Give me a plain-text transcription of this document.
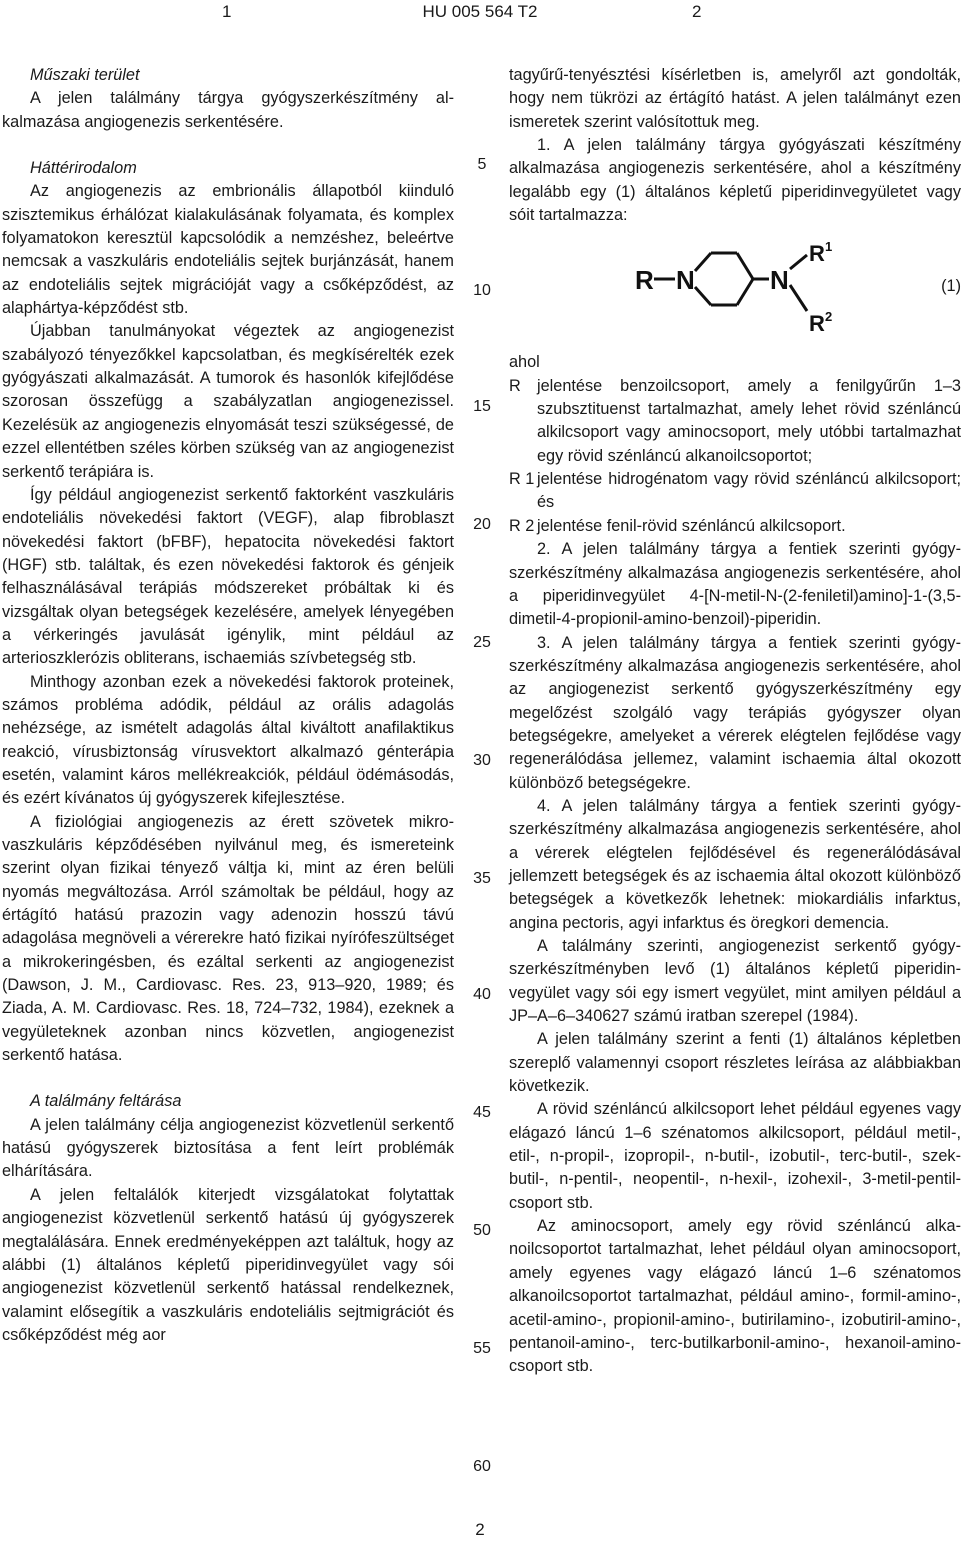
1	HU 005 564 T2	2

Műszaki terület

A jelen találmány tárgya gyógyszerkészítmény alkalmazása angiogenezis serkentésére.

Háttérirodalom

Az angiogenezis az embrionális állapotból kiinduló szisztemikus érhálózat kialakulásának folyamata, és komplex folyamatokon keresztül kapcsolódik a nemzéshez, beleértve nemcsak a vaszkuláris endoteliális sejtek burjánzását, hanem az endoteliális sejtek migrációját vagy a csőképződést, az alaphártya-képződést stb.

Újabban tanulmányokat végeztek az angiogenezist szabályozó tényezőkkel kapcsolatban, és megkísérelték ezek gyógyászati alkalmazását. A tumorok és hasonlók kifejlődése szorosan összefügg a szabályzatlan angiogenezissel. Kezelésük az angiogenezis elnyomását teszi szükségessé, de ezzel ellentétben széles körben szükség van az angiogenezist serkentő terápiára is.

Így például angiogenezist serkentő faktorként vaszkuláris endoteliális növekedési faktort (VEGF), alap fibroblaszt növekedési faktort (bFBF), hepatocita növekedési faktort (HGF) stb. találtak, és ezen növekedési faktorok és génjeik felhasználásával terápiás módszereket próbáltak ki és vizsgáltak olyan betegségek kezelésére, amelyek lényegében a vérkeringés javulását igénylik, mint például az arterioszklerózis obliterans, ischaemiás szívbetegség stb.

Minthogy azonban ezek a növekedési faktorok proteinek, számos probléma adódik, például az orális adagolás nehézsége, az ismételt adagolás által kiváltott anafilaktikus reakció, vírusbiztonság vírusvektort alkalmazó génterápia esetén, valamint káros mellékreakciók, például ödémásodás, és ezért kívánatos új gyógyszerek kifejlesztése.

A fiziológiai angiogenezis az érett szövetek mikrovaszkuláris képződésében nyilvánul meg, és ismereteink szerint olyan fizikai tényező váltja ki, mint az éren belüli nyomás megváltozása. Arról számoltak be például, hogy az értágító hatású prazozin vagy adenozin hosszú távú adagolása megnöveli a vérerekre ható fizikai nyírófeszültséget a mikrokeringésben, és ezáltal serkenti az angiogenezist (Dawson, J. M., Cardiovasc. Res. 23, 913–920, 1989; és Ziada, A. M. Cardiovasc. Res. 18, 724–732, 1984), ezeknek a vegyületeknek azonban nincs közvetlen, angiogenezist serkentő hatása.

A találmány feltárása

A jelen találmány célja angiogenezist közvetlenül serkentő hatású gyógyszerek biztosítása a fent leírt problémák elhárítására.

A jelen feltalálók kiterjedt vizsgálatokat folytattak angiogenezist közvetlenül serkentő hatású új gyógyszerek megtalálására. Ennek eredményeképpen azt találtuk, hogy az alábbi (1) általános képletű piperidinvegyület vagy sói angiogenezist közvetlenül serkentő hatással rendelkeznek, valamint elősegítik a vaszkuláris endoteliális sejtmigrációt és csőképződést még aor

5
10
15
20
25
30
35
40
45
50
55
60

tagyűrű-tenyésztési kísérletben is, amelyről azt gondolták, hogy nem tükrözi az értágító hatást. A jelen találmányt ezen ismeretek szerint valósítottuk meg.

1. A jelen találmány tárgya gyógyászati készítmény alkalmazása angiogenezis serkentésére, ahol a készítmény legalább egy (1) általános képletű piperidinvegyületet vagy sóit tartalmazza:

R N	N
R 1
R 2
(1)

ahol

R jelentése benzoilcsoport, amely a fenilgyűrűn 1–3 szubsztituenst tartalmazhat, amely lehet rövid szénláncú alkilcsoport vagy aminocsoport, mely utóbbi tartalmazhat egy rövid szénláncú alkanoilcsoportot;
R 1 jelentése hidrogénatom vagy rövid szénláncú alkilcsoport; és
R 2 jelentése fenil-rövid szénláncú alkilcsoport.

2. A jelen találmány tárgya a fentiek szerinti gyógyszerkészítmény alkalmazása angiogenezis serkentésére, ahol a piperidinvegyület 4-[N-metil-N-(2-feniletil)amino]-1-(3,5-dimetil-4-propionil-amino-benzoil)-piperidin.

3. A jelen találmány tárgya a fentiek szerinti gyógyszerkészítmény alkalmazása angiogenezis serkentésére, ahol az angiogenezist serkentő gyógyszerkészítmény egy megelőzést szolgáló vagy terápiás gyógyszer olyan betegségekre, amelyeket a vérerek elégtelen fejlődése vagy regenerálódása jellemez, valamint ischaemia által okozott különböző betegségekre.

4. A jelen találmány tárgya a fentiek szerinti gyógyszerkészítmény alkalmazása angiogenezis serkentésére, ahol a vérerek elégtelen fejlődésével és regenerálódásával jellemzett betegségek és az ischaemia által okozott különböző betegségek a következők lehetnek: miokardiális infarktus, angina pectoris, agyi infarktus és öregkori demencia.

A találmány szerinti, angiogenezist serkentő gyógyszerkészítményben levő (1) általános képletű piperidinvegyület vagy sói egy ismert vegyület, mint amilyen például a JP–A–6–340627 számú iratban szerepel (1984).

A jelen találmány szerint a fenti (1) általános képletben szereplő valamennyi csoport részletes leírása az alábbiakban következik.

A rövid szénláncú alkilcsoport lehet például egyenes vagy elágazó láncú 1–6 szénatomos alkilcsoport, például metil-, etil-, n-propil-, izopropil-, n-butil-, izobutil-, terc-butil-, szek-butil-, n-pentil-, neopentil-, n-hexil-, izohexil-, 3-metil-pentil-csoport stb.

Az aminocsoport, amely egy rövid szénláncú alkanoilcsoportot tartalmazhat, lehet például olyan aminocsoport, amely egyenes vagy elágazó láncú 1–6 szénatomos alkanoilcsoportot tartalmazhat, például amino-, formil-amino-, acetil-amino-, propionil-amino-, butirilamino-, izobutiril-amino-, pentanoil-amino-, terc-butilkarbonil-amino-, hexanoil-amino-csoport stb.

2
